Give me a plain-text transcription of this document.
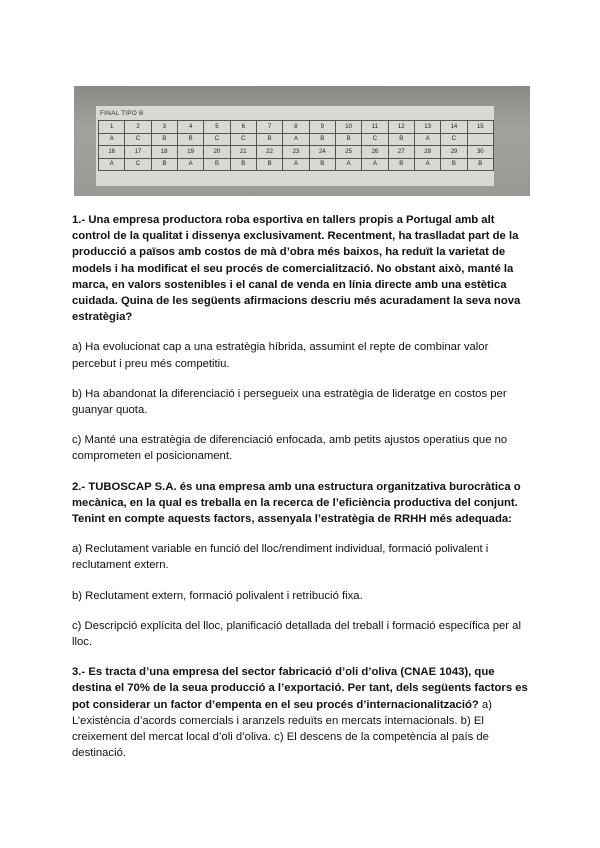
FINAL TIPO B
1	2	3	4	5	6	7	8	9	10	11	12	13	14	15
A	C	B	B	C	C	B	A	B	B	C	B	A	C	
16	17	18	19	20	21	22	23	24	25	26	27	28	29	30
A	C	B	A	B	B	B	A	B	A	A	B	A	B	B

1.- Una empresa productora roba esportiva en tallers propis a Portugal amb alt control de la qualitat i dissenya exclusivament. Recentment, ha traslladat part de la producció a països amb costos de mà d’obra més baixos, ha reduït la varietat de models i ha modificat el seu procés de comercialització. No obstant això, manté la marca, en valors sostenibles i el canal de venda en línia directe amb una estètica cuidada. Quina de les següents afirmacions descriu més acuradament la seva nova estratègia?

a) Ha evolucionat cap a una estratègia híbrida, assumint el repte de combinar valor percebut i preu més competitiu.

b) Ha abandonat la diferenciació i persegueix una estratègia de lideratge en costos per guanyar quota.

c) Manté una estratègia de diferenciació enfocada, amb petits ajustos operatius que no comprometen el posicionament.

2.- TUBOSCAP S.A. és una empresa amb una estructura organitzativa burocràtica o mecànica, en la qual es treballa en la recerca de l’eficiència productiva del conjunt. Tenint en compte aquests factors, assenyala l’estratègia de RRHH més adequada:

a) Reclutament variable en funció del lloc/rendiment individual, formació polivalent i reclutament extern.

b) Reclutament extern, formació polivalent i retribució fixa.

c) Descripció explícita del lloc, planificació detallada del treball i formació específica per al lloc.

3.- Es tracta d’una empresa del sector fabricació d’oli d’oliva (CNAE 1043), que destina el 70% de la seua producció a l’exportació. Per tant, dels següents factors es pot considerar un factor d’empenta en el seu procés d’internacionalització? a) L’existència d’acords comercials i aranzels reduïts en mercats internacionals. b) El creixement del mercat local d’oli d’oliva. c) El descens de la competència al país de destinació.
